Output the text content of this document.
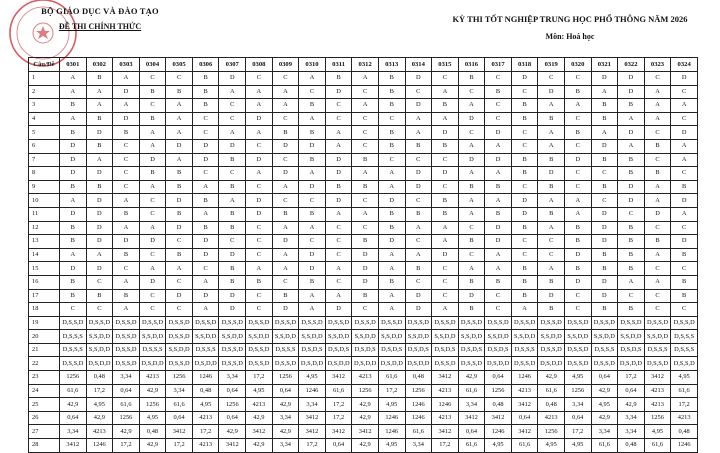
BỘ GIÁO DỤC VÀ ĐÀO TẠO
ĐỀ THI CHÍNH THỨC
KỲ THI TỐT NGHIỆP TRUNG HỌC PHỔ THÔNG NĂM 2026
Môn: Hoá học
Câu/Đề	0301	0302	0303	0304	0305	0306	0307	0308	0309	0310	0311	0312	0313	0314	0315	0316	0317	0318	0319	0320	0321	0322	0323	0324
1	A	B	A	C	C	B	D	C	C	A	B	A	B	D	C	B	C	D	C	C	D	D	C	D
2	A	A	D	B	B	B	A	A	A	C	D	C	B	C	A	C	B	C	D	B	A	D	A	C
3	B	A	A	C	A	B	C	A	A	B	C	A	B	D	B	A	C	B	A	A	B	B	A	A
4	A	B	D	B	A	C	C	D	C	A	C	C	C	A	A	D	C	B	B	C	B	A	A	C
5	B	D	B	A	A	C	A	A	B	B	A	C	B	A	D	C	D	C	A	B	A	D	C	D
6	D	B	C	A	D	D	D	C	D	D	A	C	B	B	B	A	A	C	A	C	D	A	B	A
7	D	A	C	D	A	D	B	D	C	B	D	B	C	C	C	D	D	B	B	D	B	B	C	A
8	D	D	C	B	B	C	C	A	D	A	D	A	A	D	D	A	A	B	D	C	C	B	B	C
9	B	B	C	A	B	A	B	C	A	D	B	B	A	D	C	B	B	C	B	C	B	D	A	B
10	A	D	A	C	D	B	A	D	C	C	D	C	D	C	B	A	A	D	A	A	C	D	A	D
11	D	D	B	C	B	A	B	D	B	B	A	A	B	B	B	A	B	D	B	A	D	C	D	A
12	B	D	A	A	D	B	B	C	A	A	C	C	B	A	A	C	D	B	A	B	D	B	C	C
13	B	D	D	D	C	D	C	C	D	C	C	B	D	C	A	B	D	C	C	B	D	B	B	D
14	A	A	B	C	B	D	D	C	A	D	C	D	A	A	D	C	A	C	C	D	B	B	A	B
15	D	D	C	A	A	C	B	A	A	D	A	D	A	B	C	A	A	B	A	B	B	B	C	C
16	B	C	A	D	C	A	B	B	C	B	C	D	B	C	C	B	B	B	B	D	D	A	A	B
17	B	B	B	C	D	D	D	C	B	A	A	B	A	D	C	D	C	B	D	C	D	C	C	B
18	C	C	A	C	C	A	D	C	D	A	D	C	A	D	A	B	C	A	B	C	B	B	C	C
19	D,S,S,D	D,S,S,D	D,S,S,D	D,S,S,D	D,S,S,D	D,S,S,D	D,S,S,D	D,S,S,D	D,S,S,D	D,S,S,D	D,S,S,D	D,S,S,D	D,S,S,D	D,S,S,D	D,S,S,D	D,S,S,D	D,S,S,D	D,S,S,D	D,S,S,D	D,S,S,D	D,S,S,D	D,S,S,D	D,S,S,D	D,S,S,D
20	D,S,S,S	S,S,D,D	D,S,S,D	S,S,D,D	D,S,S,D	S,S,D,D	S,S,D,D	S,S,D,D	S,S,D,D	S,S,D,D	S,S,D,D	S,S,D,D	S,S,D,D	S,S,D,D	S,S,D,D	S,S,D,D	S,S,D,D	S,S,D,D	S,S,D,D	S,S,D,D	S,S,D,D	S,S,D,D	S,S,D,D	D,S,S,S
21	D,S,S,S	S,S,D,D	D,S,S,D	D,S,S,S	S,S,D,D	D,S,S,S	D,S,S,D	D,S,S,D	D,S,S,S	D,S,D,S	D,S,D,S	D,S,D,S	D,S,D,S	D,S,D,S	D,S,D,S	D,S,D,S	D,S,D,S	D,S,S,S	D,S,S,D	D,S,S,D	D,S,S,S	D,S,D,S	D,S,S,S	D,S,S,S
22	D,S,S,D	D,S,D,D	D,S,S,D	D,S,D,D	D,S,S,D	D,S,D,D	D,S,S,D	D,S,S,D	D,S,S,D	D,S,D,D	D,S,D,D	D,S,D,D	D,S,D,D	D,S,D,D	D,S,S,D	D,S,S,D	D,S,D,D	D,S,S,D	D,S,D,D	D,S,S,D	D,S,S,D	D,S,D,D	D,S,S,D	D,S,S,D
23	1256	0,48	3,34	4213	1256	1246	3,34	17,2	1256	4,95	3412	4213	61,6	0,48	3412	42,9	0,64	1246	42,9	4,95	0,64	17,2	3412	4,95
24	61,6	17,2	0,64	42,9	3,34	0,48	0,64	4,95	0,64	1246	61,6	1256	17,2	1256	4213	61,6	1256	4213	61,6	1256	42,9	0,64	4213	61,6
25	42,9	4,95	61,6	1256	61,6	4,95	1256	4213	42,9	3,34	17,2	42,9	4,95	1246	1246	3,34	0,48	3412	0,48	3,34	4,95	42,9	4213	17,2
26	0,64	42,9	1256	4,95	0,64	4213	0,64	42,9	3,34	3412	17,2	42,9	1246	1246	4213	3412	3412	0,64	4213	0,64	42,9	3,34	1256	4213
27	3,34	4213	42,9	0,48	3412	17,2	42,9	3412	42,9	3412	3412	3412	1246	61,6	3412	0,64	1246	3412	1256	17,2	3,34	3,34	4,95	0,48
28	3412	1246	17,2	42,9	17,2	4213	3412	42,9	3,34	17,2	0,64	42,9	4,95	3,34	17,2	61,6	4,95	61,6	4,95	4,95	61,6	0,48	61,6	1246
